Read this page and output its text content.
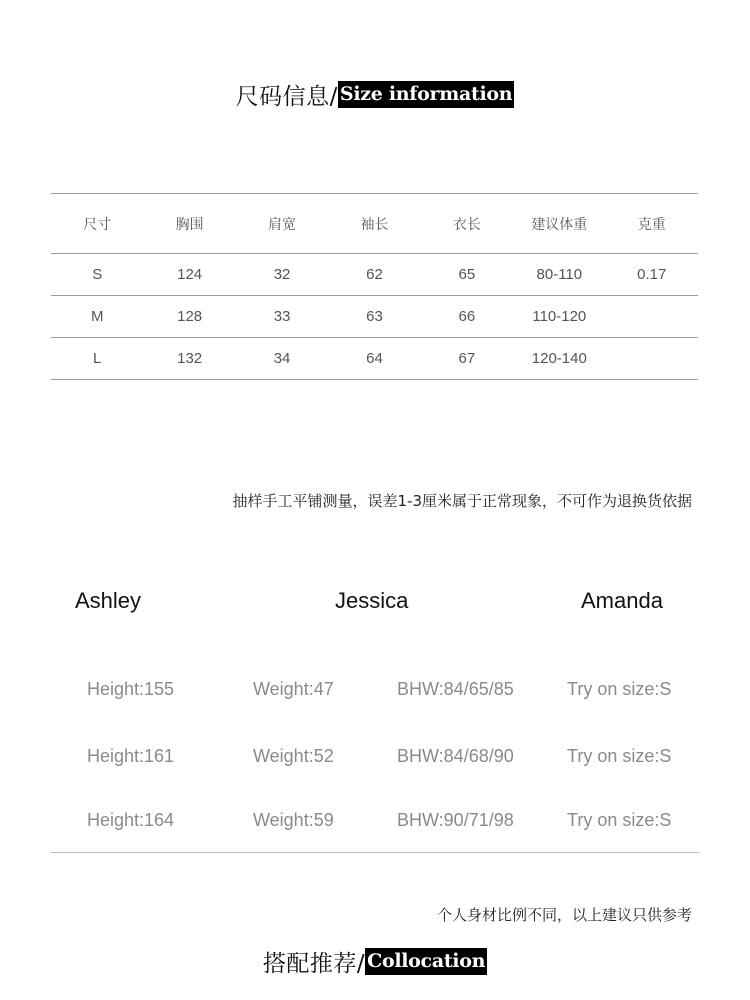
尺码信息/ Size information
尺寸	胸围	肩宽	袖长	衣长	建议体重	克重
S	124	32	62	65	80-110	0.17
M	128	33	63	66	110-120	
L	132	34	64	67	120-140	
抽样手工平铺测量，误差1-3厘米属于正常现象，不可作为退换货依据
Ashley	Jessica	Amanda
Height:155	Weight:47	BHW:84/65/85	Try on size:S
Height:161	Weight:52	BHW:84/68/90	Try on size:S
Height:164	Weight:59	BHW:90/71/98	Try on size:S
个人身材比例不同，以上建议只供参考
搭配推荐/ Collocation
